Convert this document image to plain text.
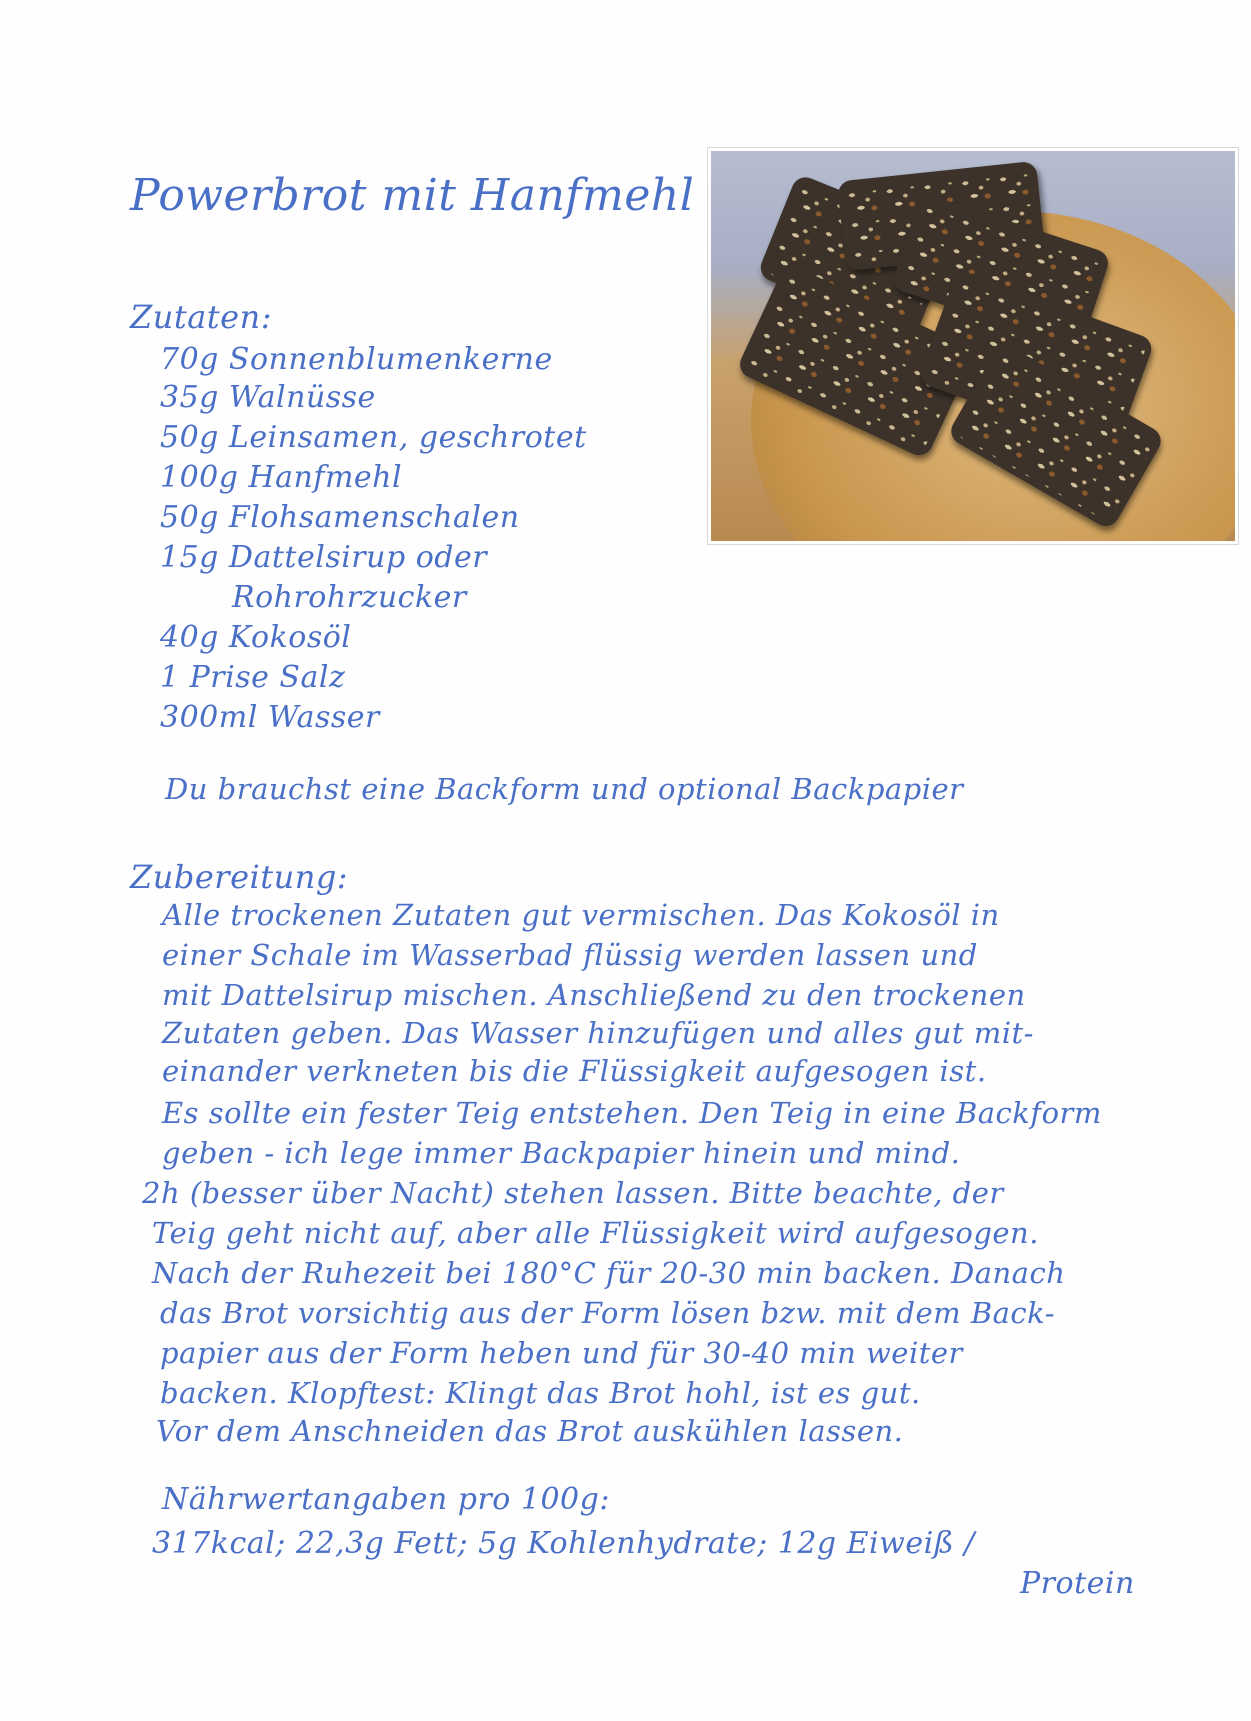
Powerbrot mit Hanfmehl
Zutaten:
70g Sonnenblumenkerne
35g Walnüsse
50g Leinsamen, geschrotet
100g Hanfmehl
50g Flohsamenschalen
15g Dattelsirup oder
Rohrohrzucker
40g Kokosöl
1 Prise Salz
300ml Wasser
Du brauchst eine Backform und optional Backpapier
Zubereitung:
Alle trockenen Zutaten gut vermischen. Das Kokosöl in
einer Schale im Wasserbad flüssig werden lassen und
mit Dattelsirup mischen. Anschließend zu den trockenen
Zutaten geben. Das Wasser hinzufügen und alles gut mit-
einander verkneten bis die Flüssigkeit aufgesogen ist.
Es sollte ein fester Teig entstehen. Den Teig in eine Backform
geben - ich lege immer Backpapier hinein und mind.
2h (besser über Nacht) stehen lassen. Bitte beachte, der
Teig geht nicht auf, aber alle Flüssigkeit wird aufgesogen.
Nach der Ruhezeit bei 180°C für 20-30 min backen. Danach
das Brot vorsichtig aus der Form lösen bzw. mit dem Back-
papier aus der Form heben und für 30-40 min weiter
backen. Klopftest: Klingt das Brot hohl, ist es gut.
Vor dem Anschneiden das Brot auskühlen lassen.
Nährwertangaben pro 100g:
317kcal; 22,3g Fett; 5g Kohlenhydrate; 12g Eiweiß /
Protein
